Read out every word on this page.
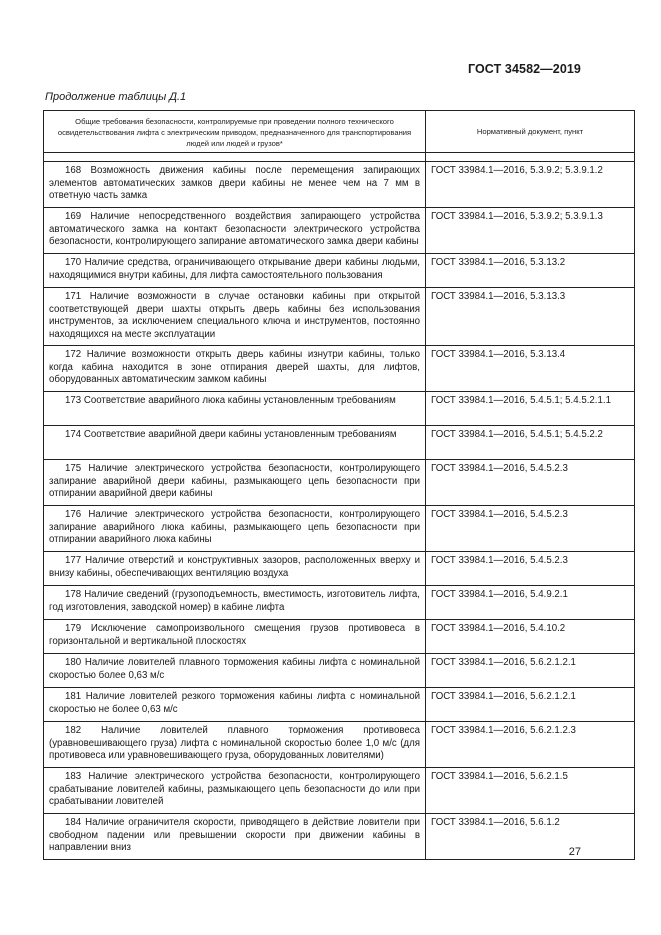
ГОСТ 34582—2019
Продолжение таблицы Д.1
Общие требования безопасности, контролируемые при проведении полного технического освидетельствования лифта с электрическим приводом, предназначенного для транспортирования людей или людей и грузов*	Нормативный документ, пункт

168 Возможность движения кабины после перемещения запирающих элементов автоматических замков двери кабины не менее чем на 7 мм в ответную часть замка	ГОСТ 33984.1—2016, 5.3.9.2; 5.3.9.1.2
169 Наличие непосредственного воздействия запирающего устройства автоматического замка на контакт безопасности электрического устройства безопасности, контролирующего запирание автоматического замка двери кабины	ГОСТ 33984.1—2016, 5.3.9.2; 5.3.9.1.3
170 Наличие средства, ограничивающего открывание двери кабины людьми, находящимися внутри кабины, для лифта самостоятельного пользования	ГОСТ 33984.1—2016, 5.3.13.2
171 Наличие возможности в случае остановки кабины при открытой соответствующей двери шахты открыть дверь кабины без использования инструментов, за исключением специального ключа и инструментов, постоянно находящихся на месте эксплуатации	ГОСТ 33984.1—2016, 5.3.13.3
172 Наличие возможности открыть дверь кабины изнутри кабины, только когда кабина находится в зоне отпирания дверей шахты, для лифтов, оборудованных автоматическим замком кабины	ГОСТ 33984.1—2016, 5.3.13.4
173 Соответствие аварийного люка кабины установленным требованиям	ГОСТ 33984.1—2016, 5.4.5.1; 5.4.5.2.1.1
174 Соответствие аварийной двери кабины установленным требованиям	ГОСТ 33984.1—2016, 5.4.5.1; 5.4.5.2.2
175 Наличие электрического устройства безопасности, контролирующего запирание аварийной двери кабины, размыкающего цепь безопасности при отпирании аварийной двери кабины	ГОСТ 33984.1—2016, 5.4.5.2.3
176 Наличие электрического устройства безопасности, контролирующего запирание аварийного люка кабины, размыкающего цепь безопасности при отпирании аварийного люка кабины	ГОСТ 33984.1—2016, 5.4.5.2.3
177 Наличие отверстий и конструктивных зазоров, расположенных вверху и внизу кабины, обеспечивающих вентиляцию воздуха	ГОСТ 33984.1—2016, 5.4.5.2.3
178 Наличие сведений (грузоподъемность, вместимость, изготовитель лифта, год изготовления, заводской номер) в кабине лифта	ГОСТ 33984.1—2016, 5.4.9.2.1
179 Исключение самопроизвольного смещения грузов противовеса в горизонтальной и вертикальной плоскостях	ГОСТ 33984.1—2016, 5.4.10.2
180 Наличие ловителей плавного торможения кабины лифта с номинальной скоростью более 0,63 м/с	ГОСТ 33984.1—2016, 5.6.2.1.2.1
181 Наличие ловителей резкого торможения кабины лифта с номинальной скоростью не более 0,63 м/с	ГОСТ 33984.1—2016, 5.6.2.1.2.1
182 Наличие ловителей плавного торможения противовеса (уравновешивающего груза) лифта с номинальной скоростью более 1,0 м/с (для противовеса или уравновешивающего груза, оборудованных ловителями)	ГОСТ 33984.1—2016, 5.6.2.1.2.3
183 Наличие электрического устройства безопасности, контролирующего срабатывание ловителей кабины, размыкающего цепь безопасности до или при срабатывании ловителей	ГОСТ 33984.1—2016, 5.6.2.1.5
184 Наличие ограничителя скорости, приводящего в действие ловители при свободном падении или превышении скорости при движении кабины в направлении вниз	ГОСТ 33984.1—2016, 5.6.1.2
27
